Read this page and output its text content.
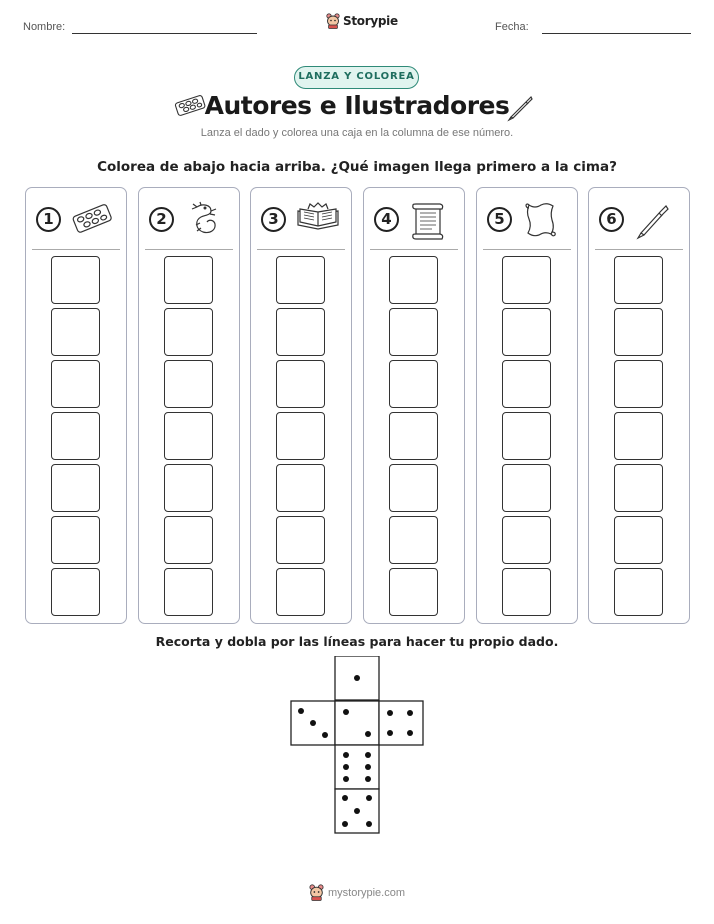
Nombre:	Storypie	Fecha:
LANZA Y COLOREA
Autores e Ilustradores
Lanza el dado y colorea una caja en la columna de ese número.
Colorea de abajo hacia arriba. ¿Qué imagen llega primero a la cima?
1	2	3	4	5	6
Recorta y dobla por las líneas para hacer tu propio dado.
mystorypie.com
